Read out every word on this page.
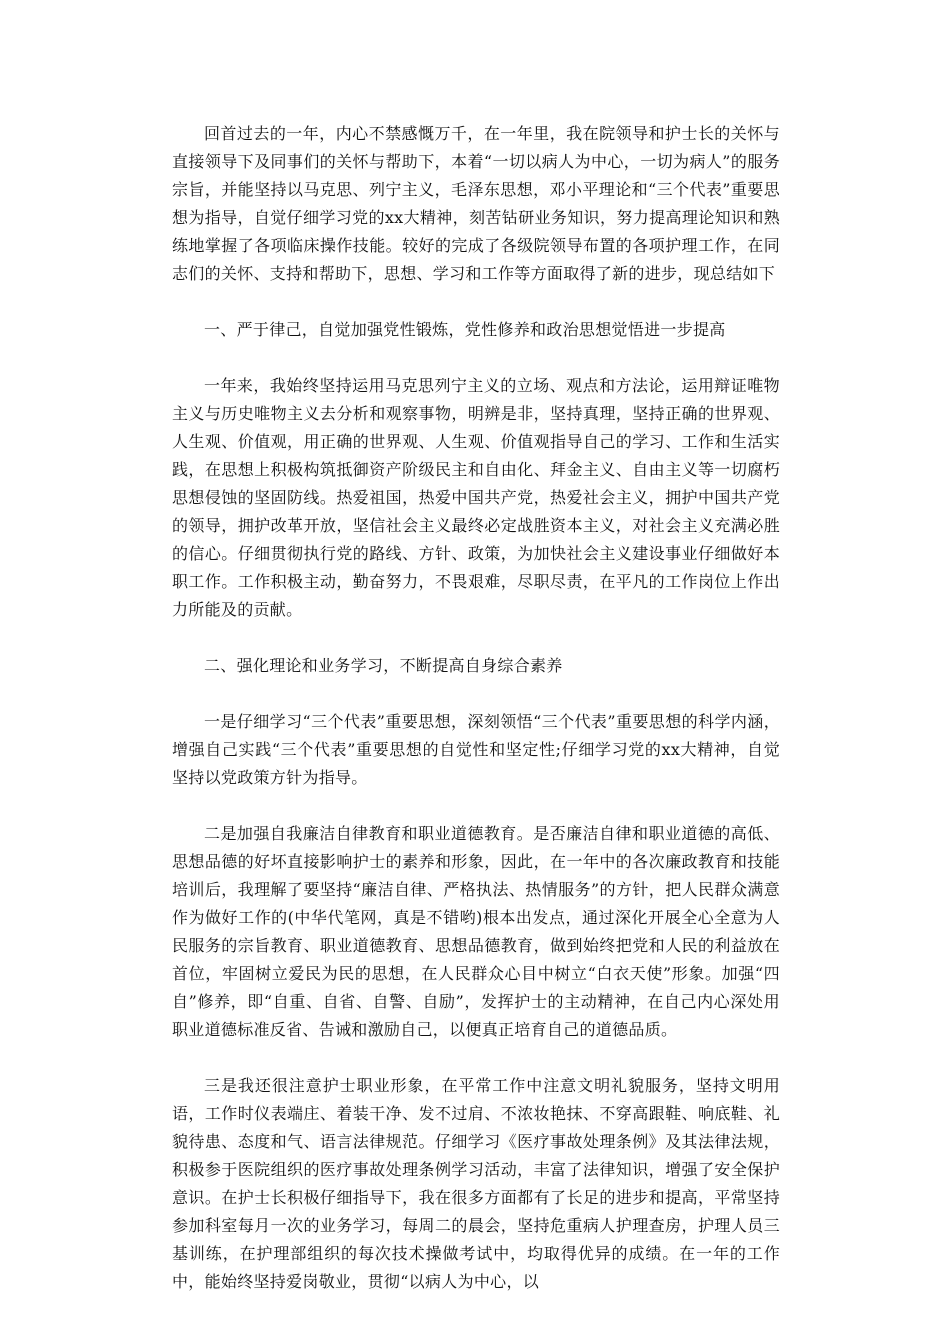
回首过去的一年，内心不禁感慨万千，在一年里，我在院领导和护士长的关怀与直接领导下及同事们的关怀与帮助下，本着“一切以病人为中心，一切为病人”的服务宗旨，并能坚持以马克思、列宁主义，毛泽东思想，邓小平理论和“三个代表”重要思想为指导，自觉仔细学习党的xx大精神，刻苦钻研业务知识，努力提高理论知识和熟练地掌握了各项临床操作技能。较好的完成了各级院领导布置的各项护理工作，在同志们的关怀、支持和帮助下，思想、学习和工作等方面取得了新的进步，现总结如下

一、严于律己，自觉加强党性锻炼，党性修养和政治思想觉悟进一步提高

一年来，我始终坚持运用马克思列宁主义的立场、观点和方法论，运用辩证唯物主义与历史唯物主义去分析和观察事物，明辨是非，坚持真理，坚持正确的世界观、人生观、价值观，用正确的世界观、人生观、价值观指导自己的学习、工作和生活实践，在思想上积极构筑抵御资产阶级民主和自由化、拜金主义、自由主义等一切腐朽思想侵蚀的坚固防线。热爱祖国，热爱中国共产党，热爱社会主义，拥护中国共产党的领导，拥护改革开放，坚信社会主义最终必定战胜资本主义，对社会主义充满必胜的信心。仔细贯彻执行党的路线、方针、政策，为加快社会主义建设事业仔细做好本职工作。工作积极主动，勤奋努力，不畏艰难，尽职尽责，在平凡的工作岗位上作出力所能及的贡献。

二、强化理论和业务学习，不断提高自身综合素养

一是仔细学习“三个代表”重要思想，深刻领悟“三个代表”重要思想的科学内涵，增强自己实践“三个代表”重要思想的自觉性和坚定性;仔细学习党的xx大精神，自觉坚持以党政策方针为指导。

二是加强自我廉洁自律教育和职业道德教育。是否廉洁自律和职业道德的高低、思想品德的好坏直接影响护士的素养和形象，因此，在一年中的各次廉政教育和技能培训后，我理解了要坚持“廉洁自律、严格执法、热情服务”的方针，把人民群众满意作为做好工作的(中华代笔网，真是不错哟)根本出发点，通过深化开展全心全意为人民服务的宗旨教育、职业道德教育、思想品德教育，做到始终把党和人民的利益放在首位，牢固树立爱民为民的思想，在人民群众心目中树立“白衣天使”形象。加强“四自”修养，即“自重、自省、自警、自励”，发挥护士的主动精神，在自己内心深处用职业道德标准反省、告诫和激励自己，以便真正培育自己的道德品质。

三是我还很注意护士职业形象，在平常工作中注意文明礼貌服务，坚持文明用语，工作时仪表端庄、着装干净、发不过肩、不浓妆艳抹、不穿高跟鞋、响底鞋、礼貌待患、态度和气、语言法律规范。仔细学习《医疗事故处理条例》及其法律法规，积极参于医院组织的医疗事故处理条例学习活动，丰富了法律知识，增强了安全保护意识。在护士长积极仔细指导下，我在很多方面都有了长足的进步和提高，平常坚持参加科室每月一次的业务学习，每周二的晨会，坚持危重病人护理查房，护理人员三基训练，在护理部组织的每次技术操做考试中，均取得优异的成绩。在一年的工作中，能始终坚持爱岗敬业，贯彻“以病人为中心，以
